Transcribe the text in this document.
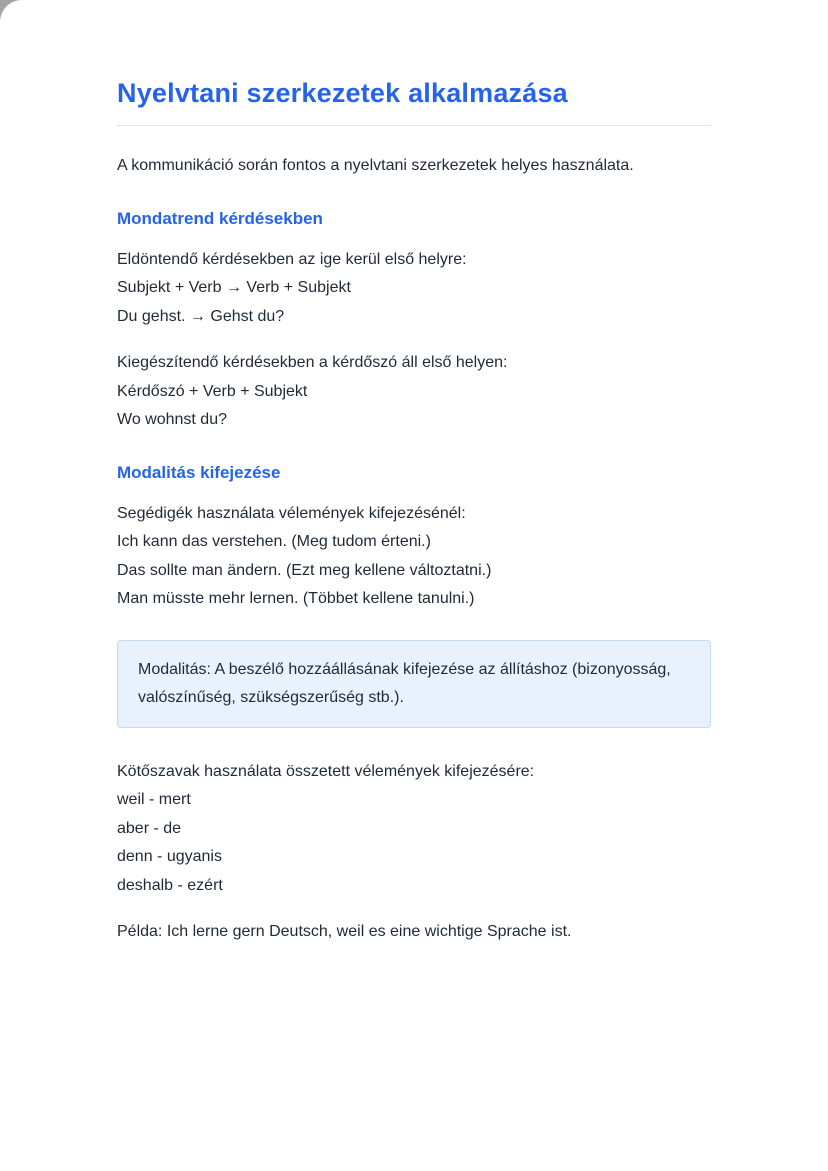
Nyelvtani szerkezetek alkalmazása

A kommunikáció során fontos a nyelvtani szerkezetek helyes használata.

Mondatrend kérdésekben

Eldöntendő kérdésekben az ige kerül első helyre:
Subjekt + Verb → Verb + Subjekt
Du gehst. → Gehst du?

Kiegészítendő kérdésekben a kérdőszó áll első helyen:
Kérdőszó + Verb + Subjekt
Wo wohnst du?

Modalitás kifejezése

Segédigék használata vélemények kifejezésénél:
Ich kann das verstehen. (Meg tudom érteni.)
Das sollte man ändern. (Ezt meg kellene változtatni.)
Man müsste mehr lernen. (Többet kellene tanulni.)

Modalitás: A beszélő hozzáállásának kifejezése az állításhoz (bizonyosság, valószínűség, szükségszerűség stb.).

Kötőszavak használata összetett vélemények kifejezésére:
weil - mert
aber - de
denn - ugyanis
deshalb - ezért

Példa: Ich lerne gern Deutsch, weil es eine wichtige Sprache ist.
